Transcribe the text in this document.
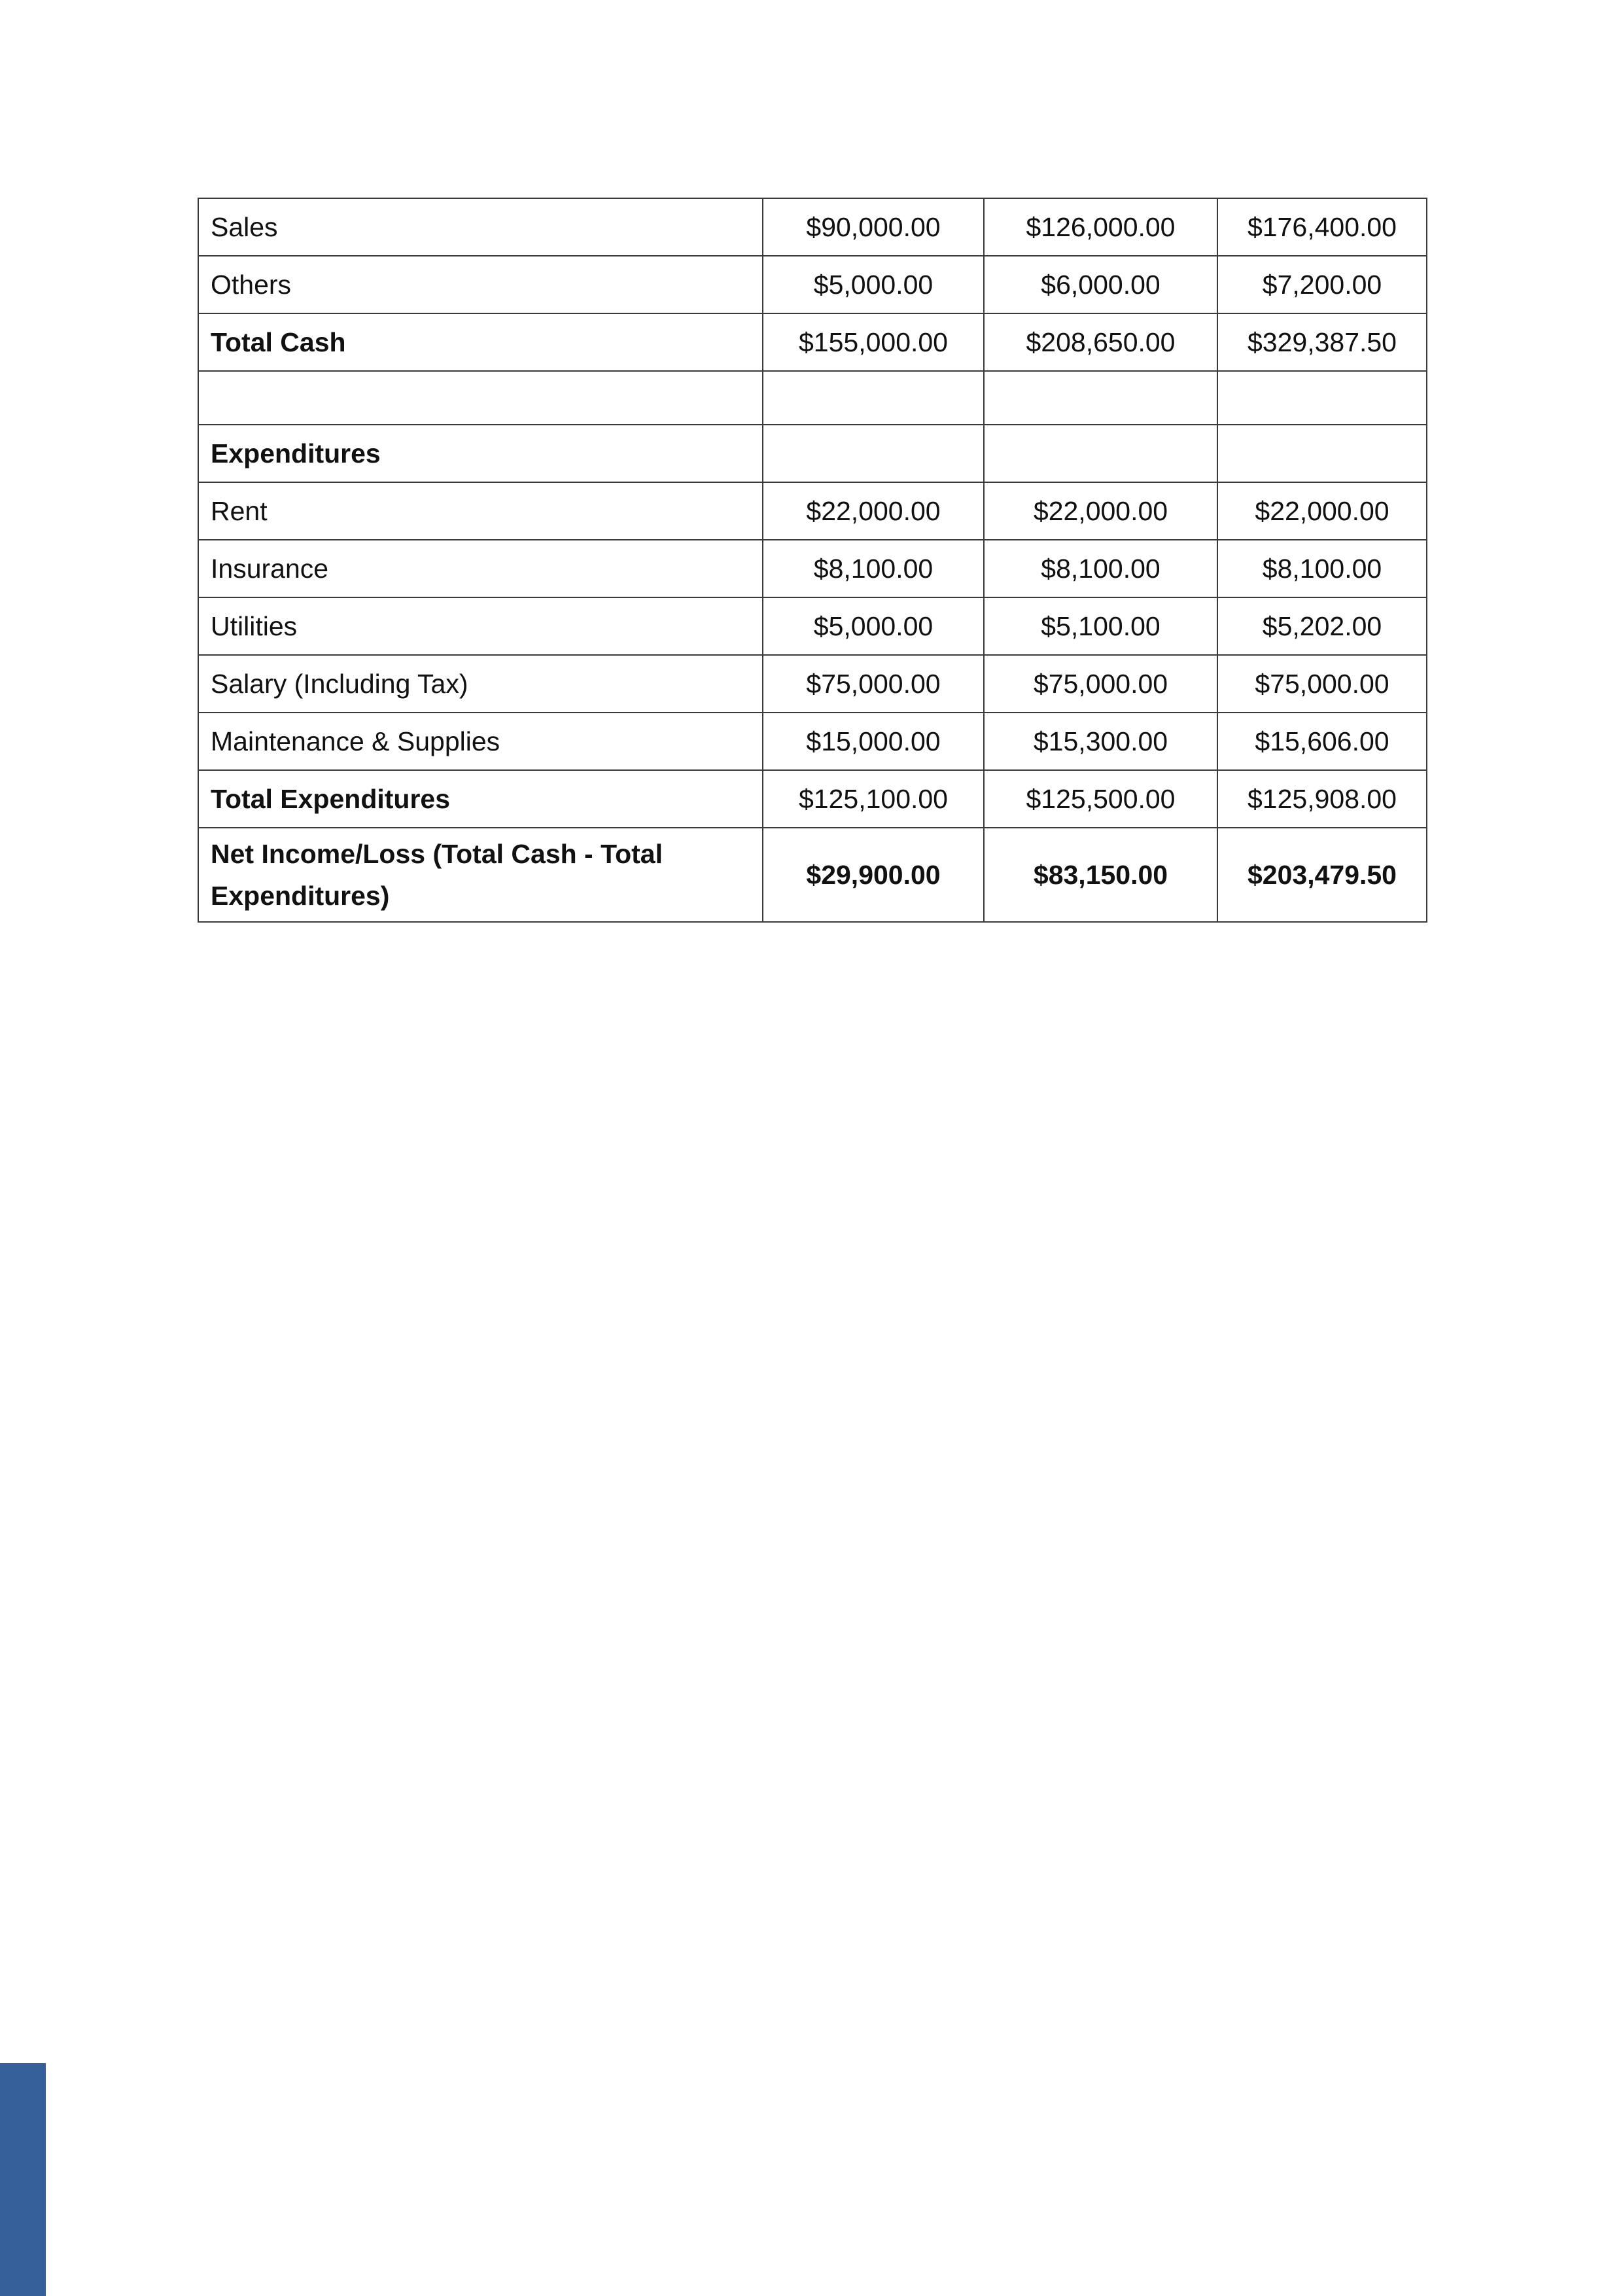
Sales	$90,000.00	$126,000.00	$176,400.00
Others	$5,000.00	$6,000.00	$7,200.00
Total Cash	$155,000.00	$208,650.00	$329,387.50

Expenditures			
Rent	$22,000.00	$22,000.00	$22,000.00
Insurance	$8,100.00	$8,100.00	$8,100.00
Utilities	$5,000.00	$5,100.00	$5,202.00
Salary (Including Tax)	$75,000.00	$75,000.00	$75,000.00
Maintenance & Supplies	$15,000.00	$15,300.00	$15,606.00
Total Expenditures	$125,100.00	$125,500.00	$125,908.00
Net Income/Loss (Total Cash - Total Expenditures)	$29,900.00	$83,150.00	$203,479.50
